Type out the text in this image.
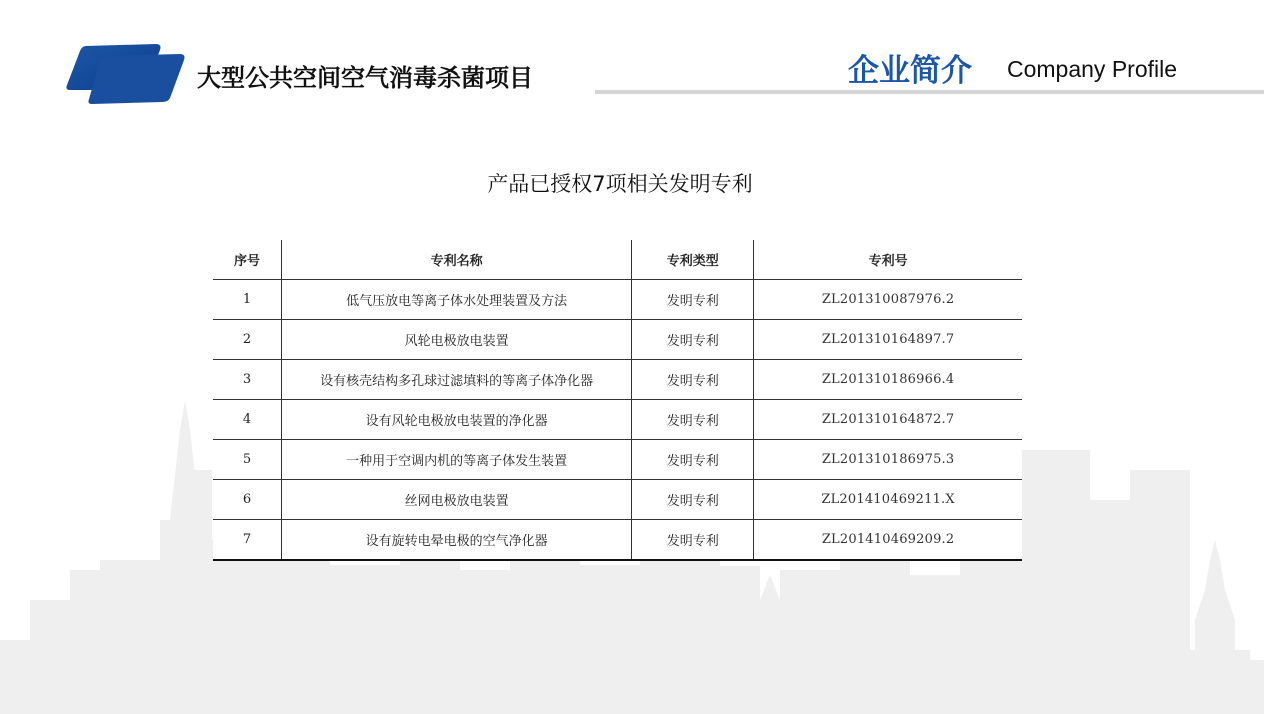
大型公共空间空气消毒杀菌项目	企业简介 Company Profile
产品已授权7项相关发明专利
序号	专利名称	专利类型	专利号
1	低气压放电等离子体水处理装置及方法	发明专利	ZL201310087976.2
2	风轮电极放电装置	发明专利	ZL201310164897.7
3	设有核壳结构多孔球过滤填料的等离子体净化器	发明专利	ZL201310186966.4
4	设有风轮电极放电装置的净化器	发明专利	ZL201310164872.7
5	一种用于空调内机的等离子体发生装置	发明专利	ZL201310186975.3
6	丝网电极放电装置	发明专利	ZL201410469211.X
7	设有旋转电晕电极的空气净化器	发明专利	ZL201410469209.2
